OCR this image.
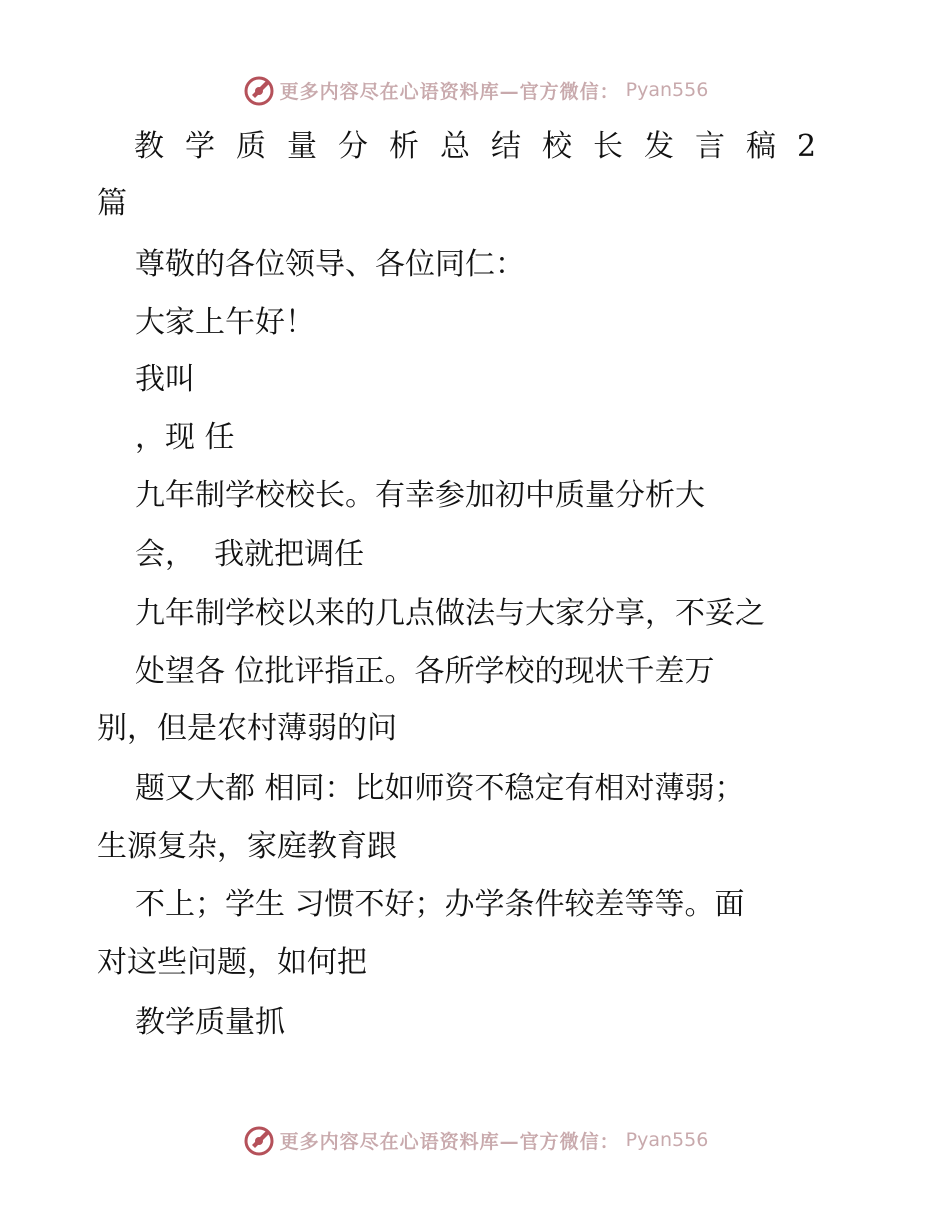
更多内容尽在心语资料库—官方微信： Pyan556
教学质量分析总结校长发言稿2
篇
尊敬的各位领导、各位同仁：
大家上午好！
我叫
，现 任
九年制学校校长。有幸参加初中质量分析大
会，  我就把调任
九年制学校以来的几点做法与大家分享，不妥之
处望各 位批评指正。各所学校的现状千差万
别，但是农村薄弱的问
题又大都 相同：比如师资不稳定有相对薄弱；
生源复杂，家庭教育跟
不上；学生 习惯不好；办学条件较差等等。面
对这些问题，如何把
教学质量抓
更多内容尽在心语资料库—官方微信： Pyan556
